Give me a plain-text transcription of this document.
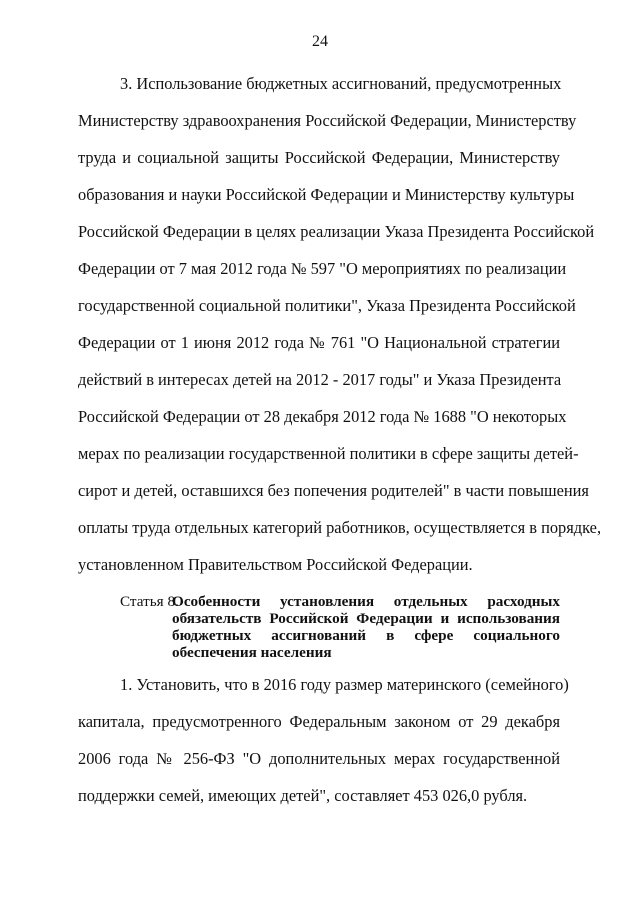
24
3. Использование бюджетных ассигнований, предусмотренных
Министерству здравоохранения Российской Федерации, Министерству
труда и социальной защиты Российской Федерации, Министерству
образования и науки Российской Федерации и Министерству культуры
Российской Федерации в целях реализации Указа Президента Российской
Федерации от 7 мая 2012 года № 597 "О мероприятиях по реализации
государственной социальной политики", Указа Президента Российской
Федерации от 1 июня 2012 года № 761 "О Национальной стратегии
действий в интересах детей на 2012 - 2017 годы" и Указа Президента
Российской Федерации от 28 декабря 2012 года № 1688 "О некоторых
мерах по реализации государственной политики в сфере защиты детей-
сирот и детей, оставшихся без попечения родителей" в части повышения
оплаты труда отдельных категорий работников, осуществляется в порядке,
установленном Правительством Российской Федерации.
Статья 8.
Особенности установления отдельных расходных
обязательств Российской Федерации и использования
бюджетных ассигнований в сфере социального
обеспечения населения
1. Установить, что в 2016 году размер материнского (семейного)
капитала, предусмотренного Федеральным законом от 29 декабря
2006 года № 256-ФЗ "О дополнительных мерах государственной
поддержки семей, имеющих детей", составляет 453 026,0 рубля.
